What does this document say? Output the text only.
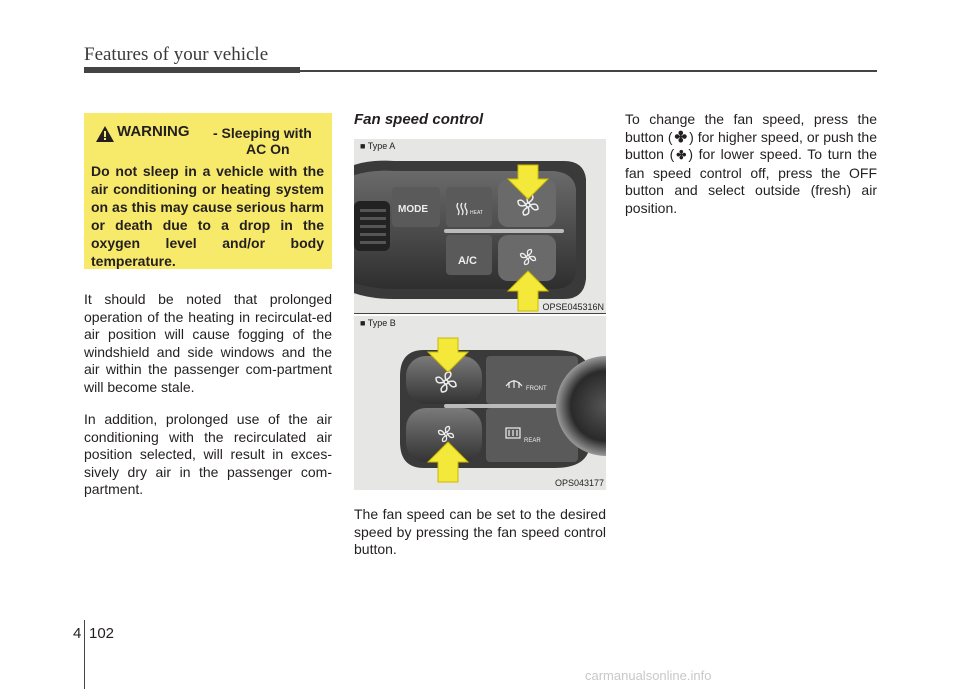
Features of your vehicle
WARNING - Sleeping with
AC On
Do not sleep in a vehicle with the air conditioning or heating system on as this may cause serious harm or death due to a drop in the oxygen level and/or body temperature.
It should be noted that prolonged operation of the heating in recirculat-ed air position will cause fogging of the windshield and side windows and the air within the passenger com-partment will become stale.
In addition, prolonged use of the air conditioning with the recirculated air position selected, will result in exces-sively dry air in the passenger com-partment.
Fan speed control
MODE	HEAT
A/C
■ Type A
OPSE045316N
FRONT
REAR
■ Type B
OPS043177
The fan speed can be set to the desired speed by pressing the fan speed control button.
To change the fan speed, press the button ( ✤ ) for higher speed, or push the button ( ✤ ) for lower speed. To turn the fan speed control off, press the OFF button and select outside (fresh) air position.
4 102
carmanualsonline.info
